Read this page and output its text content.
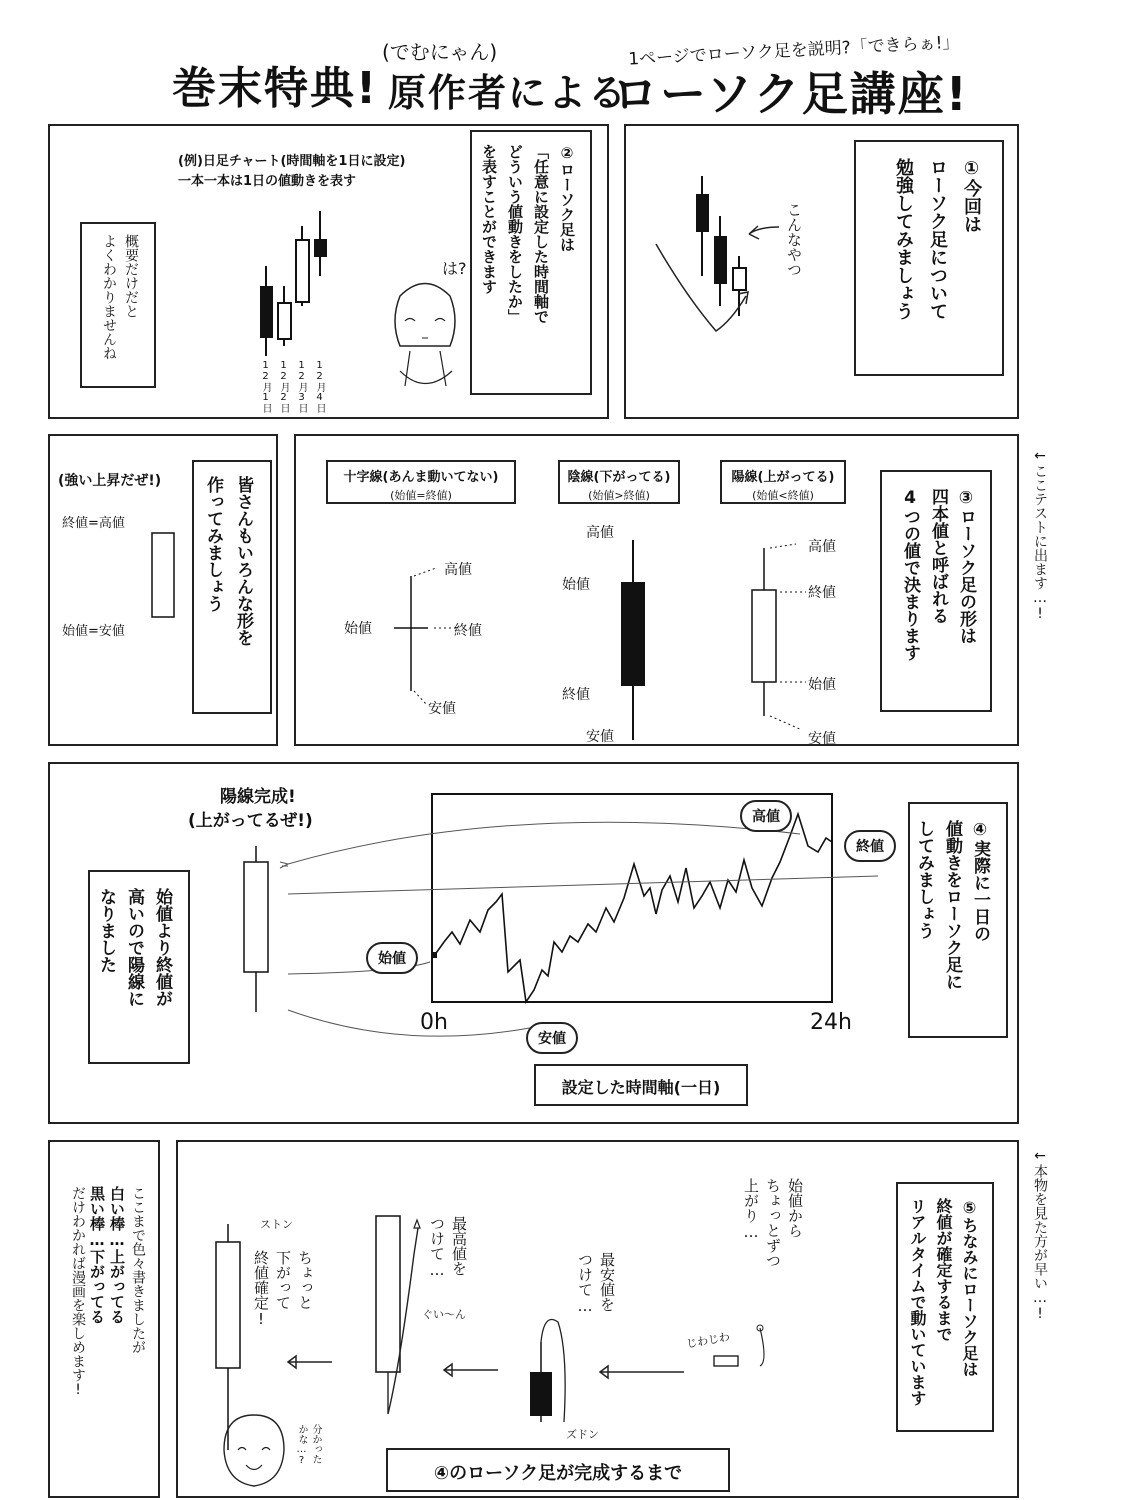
巻末特典!
(でむにゃん)
原作者による
ローソク足講座!
1ページでローソク足を説明?「できらぁ!」
(例)日足チャート(時間軸を1日に設定)
一本一本は1日の値動きを表す
概要だけだと
よくわかりませんね
12月1日 12月2日 12月3日 12月4日
は?
②ローソク足は
「任意に設定した時間軸で
どういう値動きをしたか」
を表すことができます	こんなやつ
①今回は
ローソク足について
勉強してみましょう
(強い上昇だぜ!)
終値=高値
始値=安値	皆さんもいろんな形を
作ってみましょう	十字線(あんま動いてない)
(始値=終値)
高値
始値	終値
安値
陰線(下がってる)
(始値>終値)
高値
始値
終値
安値
陽線(上がってる)
(始値<終値)
高値
終値
始値
安値
③ローソク足の形は
四本値と呼ばれる
4つの値で決まります	←ここテストに出ます…!
陽線完成!
(上がってるぜ!)
始値より終値が
高いので陽線に
なりました
高値
終値
始値
安値
0h	24h
設定した時間軸(一日)
④実際に一日の
値動きをローソク足に
してみましょう
ここまで色々書きましたが
白い棒…上がってる
黒い棒…下がってる
だけわかれば漫画を楽しめます!	ストン
ちょっと
下がって
終値確定!	ぐい〜ん
最高値を
つけて…
ズドン
最安値を
つけて…
じわじわ
始値から
ちょっとずつ
上がり…
分かった
かな…?
④のローソク足が完成するまで
⑤ちなみにローソク足は
終値が確定するまで
リアルタイムで動いています	←本物を見た方が早い…!
